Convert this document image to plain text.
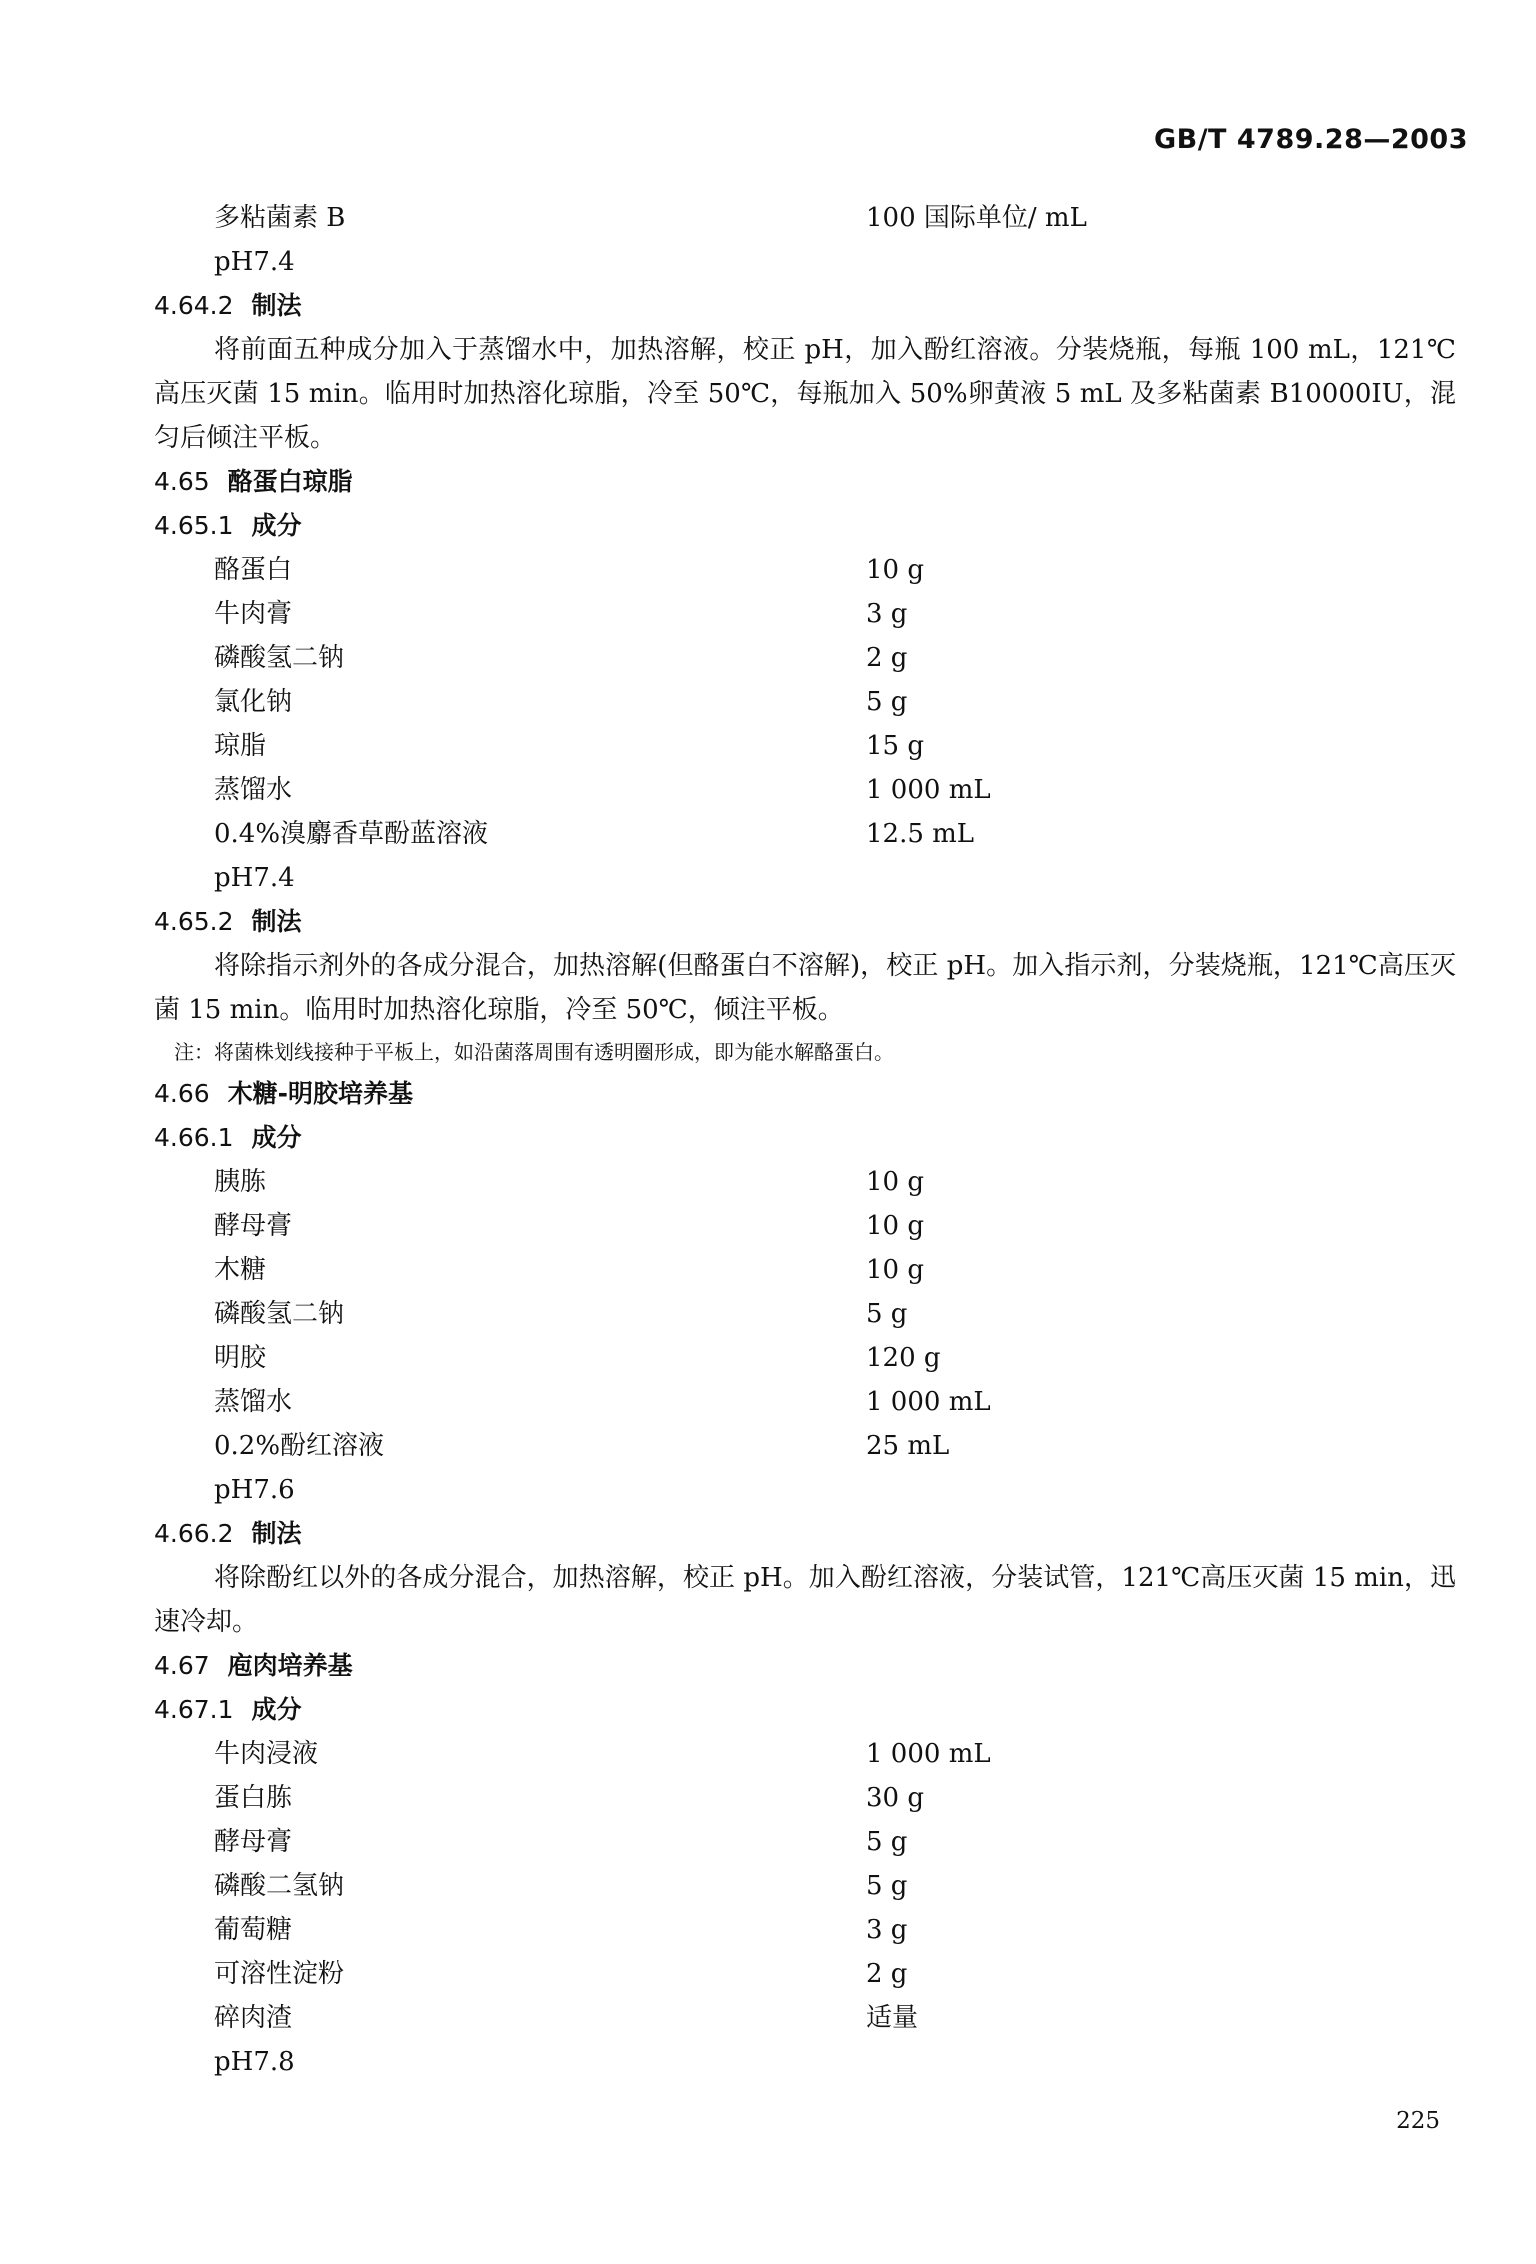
GB/T 4789.28—2003
多粘菌素 B	100 国际单位/ mL
pH7.4
4.64.2 制法

将前面五种成分加入于蒸馏水中，加热溶解，校正 pH，加入酚红溶液。分装烧瓶，每瓶 100 mL，121℃高压灭菌 15 min。临用时加热溶化琼脂，冷至 50℃，每瓶加入 50%卵黄液 5 mL 及多粘菌素 B10000IU，混匀后倾注平板。

4.65 酪蛋白琼脂
4.65.1 成分
酪蛋白	10 g
牛肉膏	3 g
磷酸氢二钠	2 g
氯化钠	5 g
琼脂	15 g
蒸馏水	1 000 mL
0.4%溴麝香草酚蓝溶液	12.5 mL
pH7.4
4.65.2 制法

将除指示剂外的各成分混合，加热溶解(但酪蛋白不溶解)，校正 pH。加入指示剂，分装烧瓶，121℃高压灭菌 15 min。临用时加热溶化琼脂，冷至 50℃，倾注平板。

注：将菌株划线接种于平板上，如沿菌落周围有透明圈形成，即为能水解酪蛋白。

4.66 木糖-明胶培养基
4.66.1 成分
胰胨	10 g
酵母膏	10 g
木糖	10 g
磷酸氢二钠	5 g
明胶	120 g
蒸馏水	1 000 mL
0.2%酚红溶液	25 mL
pH7.6
4.66.2 制法

将除酚红以外的各成分混合，加热溶解，校正 pH。加入酚红溶液，分装试管，121℃高压灭菌 15 min，迅速冷却。

4.67 庖肉培养基
4.67.1 成分
牛肉浸液	1 000 mL
蛋白胨	30 g
酵母膏	5 g
磷酸二氢钠	5 g
葡萄糖	3 g
可溶性淀粉	2 g
碎肉渣	适量
pH7.8
225
